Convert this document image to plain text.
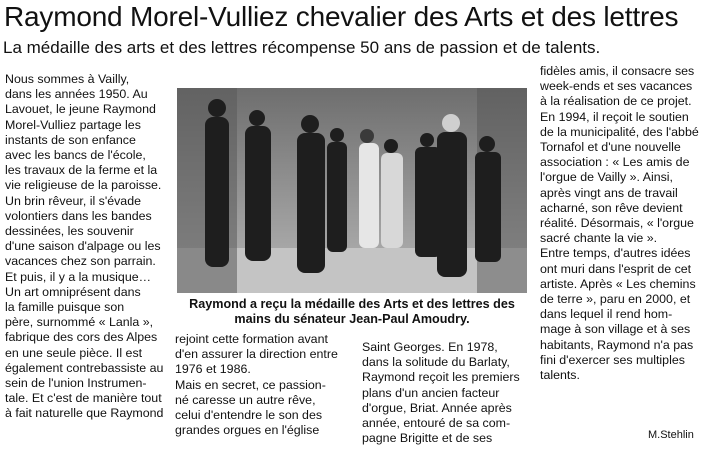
Raymond Morel-Vulliez chevalier des Arts et des lettres
La médaille des arts et des lettres récompense 50 ans de passion et de talents.
Nous sommes à Vailly,
dans les années 1950. Au
Lavouet, le jeune Raymond
Morel-Vulliez partage les
instants de son enfance
avec les bancs de l'école,
les travaux de la ferme et la
vie religieuse de la paroisse.
Un brin rêveur, il s'évade
volontiers dans les bandes
dessinées, les souvenir
d'une saison d'alpage ou les
vacances chez son parrain.
Et puis, il y a la musique…
Un art omniprésent dans
la famille puisque son
père, surnommé « Lanla »,
fabrique des cors des Alpes
en une seule pièce. Il est
également contrebassiste au
sein de l'union Instrumen-
tale. Et c'est de manière tout
à fait naturelle que Raymond
rejoint cette formation avant
d'en assurer la direction entre
1976 et 1986.
Mais en secret, ce passion-
né caresse un autre rêve,
celui d'entendre le son des
grandes orgues en l'église
Saint Georges. En 1978,
dans la solitude du Barlaty,
Raymond reçoit les premiers
plans d'un ancien facteur
d'orgue, Briat. Année après
année, entouré de sa com-
pagne Brigitte et de ses
fidèles amis, il consacre ses
week-ends et ses vacances
à la réalisation de ce projet.
En 1994, il reçoit le soutien
de la municipalité, des l'abbé
Tornafol et d'une nouvelle
association : « Les amis de
l'orgue de Vailly ». Ainsi,
après vingt ans de travail
acharné, son rêve devient
réalité. Désormais, « l'orgue
sacré chante la vie ».
Entre temps, d'autres idées
ont muri dans l'esprit de cet
artiste. Après « Les chemins
de terre », paru en 2000, et
dans lequel il rend hom-
mage à son village et à ses
habitants, Raymond n'a pas
fini d'exercer ses multiples
talents.
Raymond a reçu la médaille des Arts et des lettres des
mains du sénateur Jean-Paul Amoudry.
M.Stehlin
